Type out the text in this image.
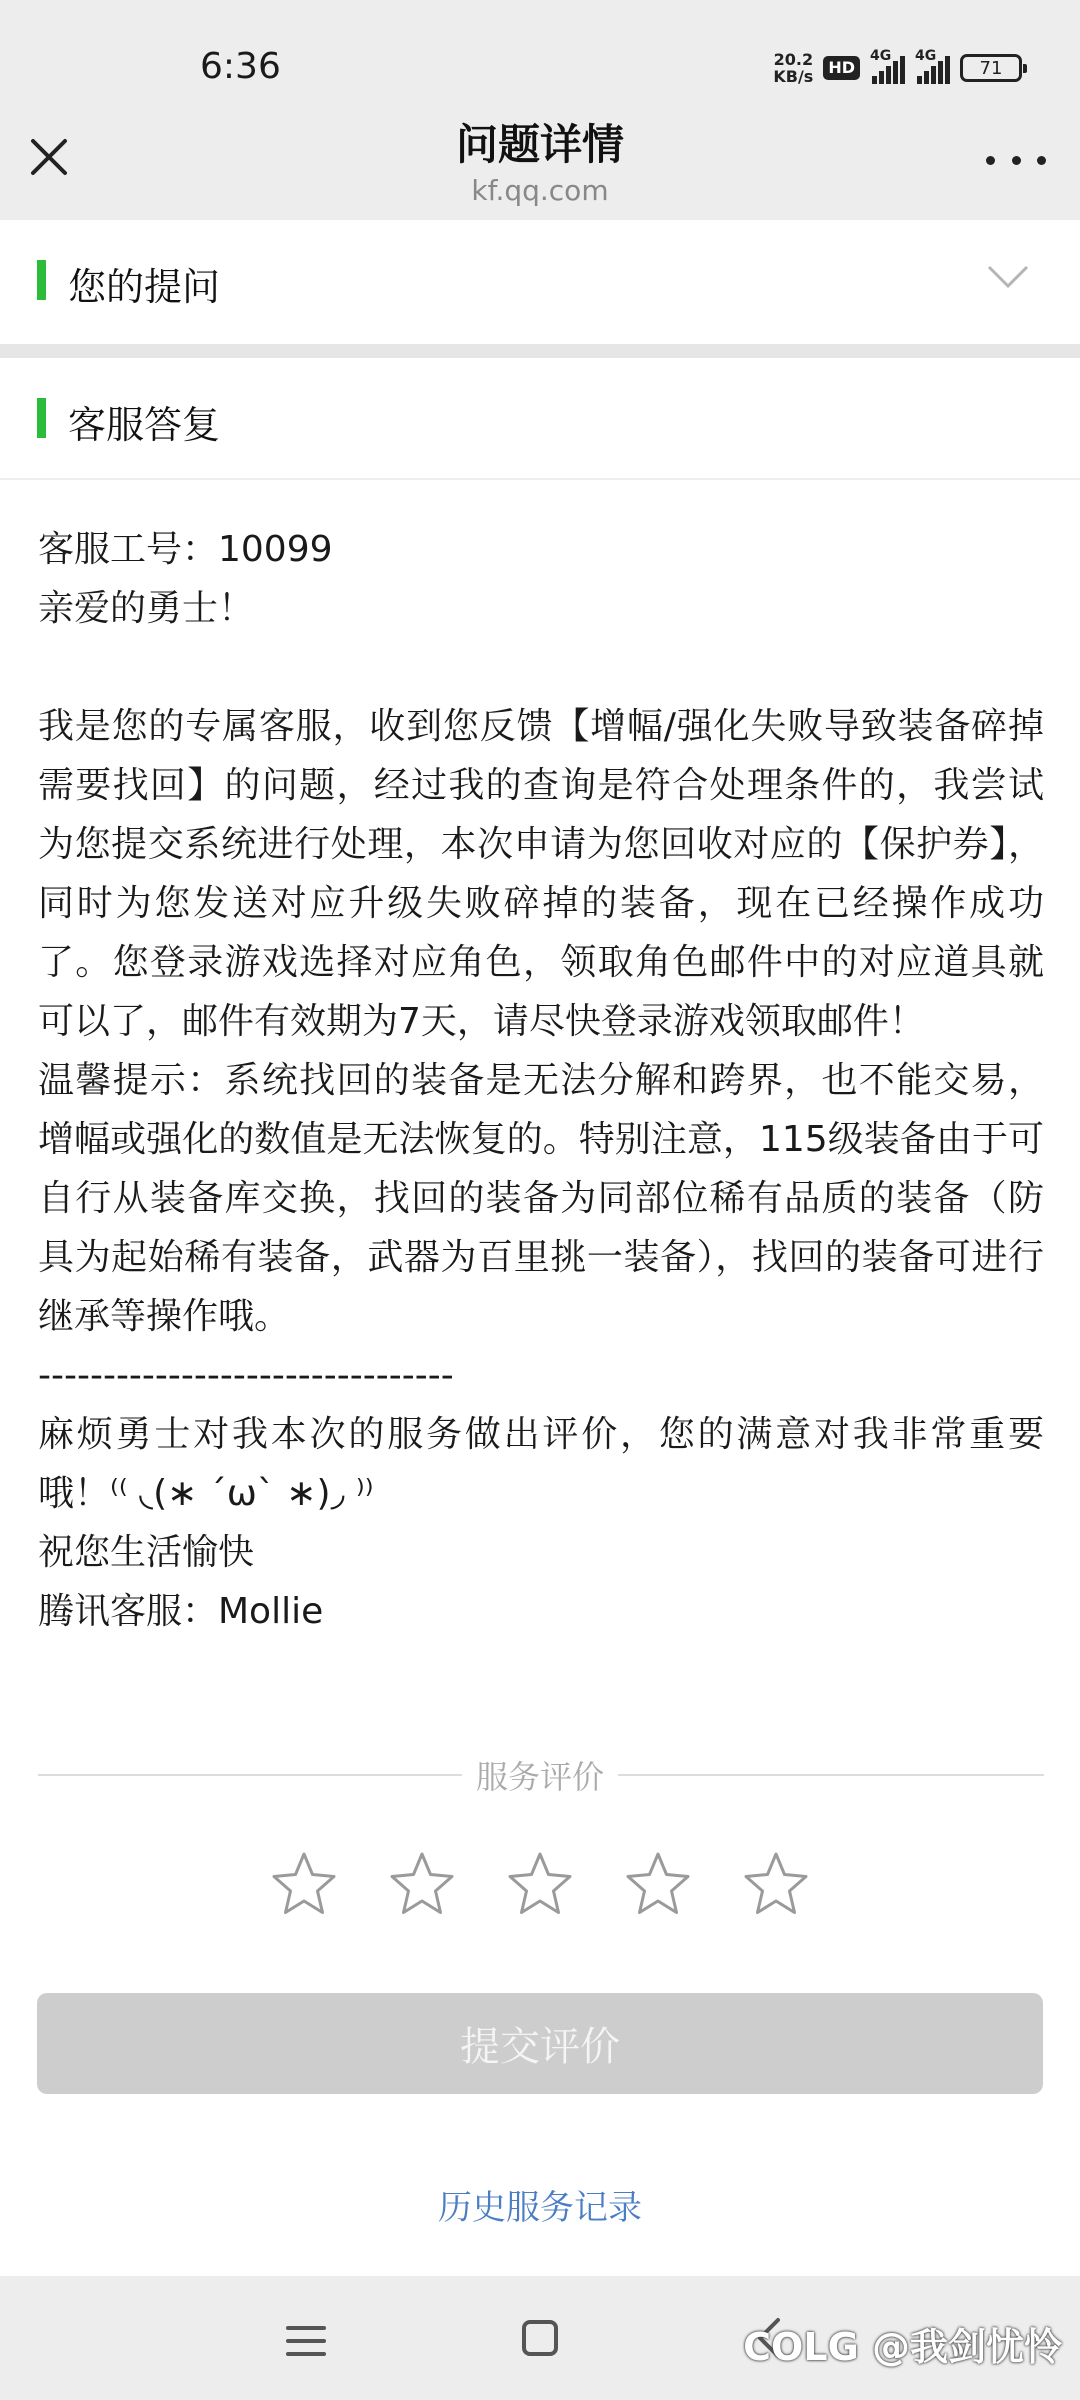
6:36	20.2
KB/s HD
4G 4G
71
问题详情
kf.qq.com
您的提问
客服答复

客服工号：10099

亲爱的勇士！

我是您的专属客服，收到您反馈【增幅/强化失败导致装备碎掉需要找回】的问题，经过我的查询是符合处理条件的，我尝试为您提交系统进行处理，本次申请为您回收对应的【保护券】，同时为您发送对应升级失败碎掉的装备，现在已经操作成功了。您登录游戏选择对应角色，领取角色邮件中的对应道具就可以了，邮件有效期为7天，请尽快登录游戏领取邮件！

温馨提示：系统找回的装备是无法分解和跨界，也不能交易，增幅或强化的数值是无法恢复的。特别注意，115级装备由于可自行从装备库交换，找回的装备为同部位稀有品质的装备（防具为起始稀有装备，武器为百里挑一装备），找回的装备可进行继承等操作哦。

--------------------------------

麻烦勇士对我本次的服务做出评价，您的满意对我非常重要哦！⁽⁽ ◟(∗ ˊωˋ ∗)◞ ⁾⁾

祝您生活愉快

腾讯客服：Mollie

服务评价
提交评价
历史服务记录
COLG @我剑忧怜
